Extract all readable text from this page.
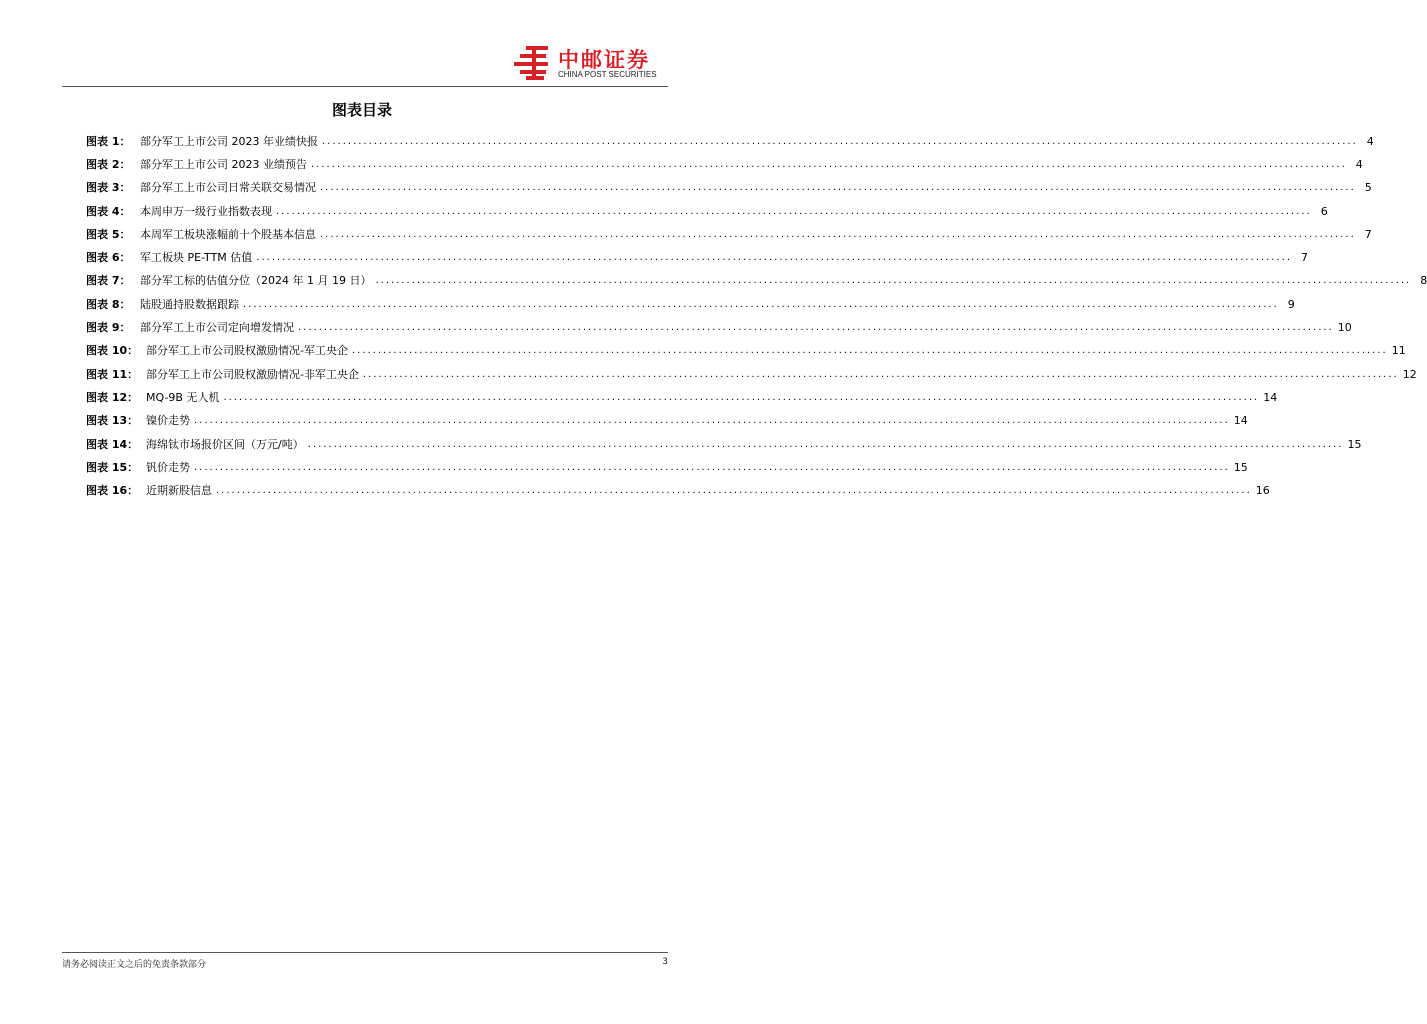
中邮证券
CHINA POST SECURITIES
图表目录
图表 1： 部分军工上市公司 2023 年业绩快报 ........................................................................................................................................................................................................ 4
图表 2： 部分军工上市公司 2023 业绩预告 ........................................................................................................................................................................................................ 4
图表 3： 部分军工上市公司日常关联交易情况 ........................................................................................................................................................................................................ 5
图表 4： 本周申万一级行业指数表现 ........................................................................................................................................................................................................ 6
图表 5： 本周军工板块涨幅前十个股基本信息 ........................................................................................................................................................................................................ 7
图表 6： 军工板块 PE-TTM 估值 ........................................................................................................................................................................................................ 7
图表 7： 部分军工标的估值分位（2024 年 1 月 19 日） ........................................................................................................................................................................................................ 8
图表 8： 陆股通持股数据跟踪 ........................................................................................................................................................................................................ 9
图表 9： 部分军工上市公司定向增发情况 ........................................................................................................................................................................................................ 10
图表 10： 部分军工上市公司股权激励情况-军工央企 ........................................................................................................................................................................................................ 11
图表 11： 部分军工上市公司股权激励情况-非军工央企 ........................................................................................................................................................................................................ 12
图表 12： MQ-9B 无人机 ........................................................................................................................................................................................................ 14
图表 13： 镍价走势 ........................................................................................................................................................................................................ 14
图表 14： 海绵钛市场报价区间（万元/吨） ........................................................................................................................................................................................................ 15
图表 15： 钒价走势 ........................................................................................................................................................................................................ 15
图表 16： 近期新股信息 ........................................................................................................................................................................................................ 16
请务必阅读正文之后的免责条款部分	3
